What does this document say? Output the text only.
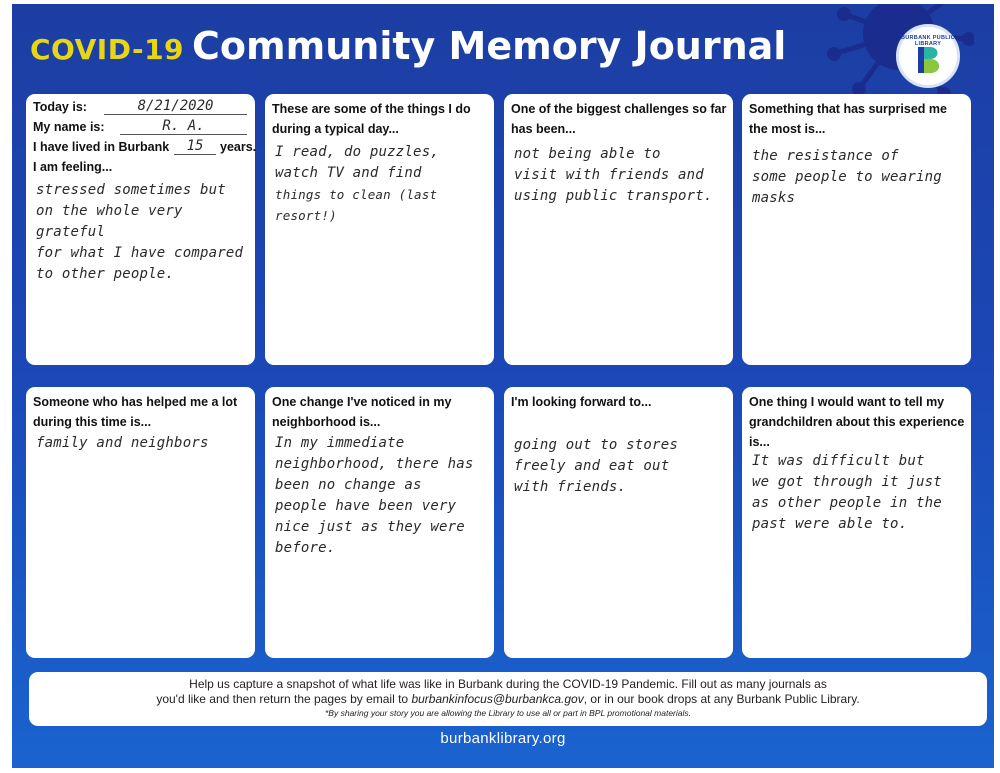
COVID-19 Community Memory Journal	BURBANK PUBLIC LIBRARY
Today is:	8/21/2020
My name is:	R. A.
I have lived in Burbank	15	years.
I am feeling...
stressed sometimes but
on the whole very grateful
for what I have compared
to other people.
These are some of the things I do during a typical day...
I read, do puzzles,
watch TV and find
things to clean (last resort!)
One of the biggest challenges so far has been...
not being able to
visit with friends and
using public transport.
Something that has surprised me the most is...
the resistance of
some people to wearing
masks
Someone who has helped me a lot during this time is...
family and neighbors
One change I've noticed in my neighborhood is...
In my immediate
neighborhood, there has
been no change as
people have been very
nice just as they were
before.
I'm looking forward to...
going out to stores
freely and eat out
with friends.
One thing I would want to tell my grandchildren about this experience is...
It was difficult but
we got through it just
as other people in the
past were able to.
Help us capture a snapshot of what life was like in Burbank during the COVID-19 Pandemic. Fill out as many journals as
you'd like and then return the pages by email to burbankinfocus@burbankca.gov, or in our book drops at any Burbank Public Library.
*By sharing your story you are allowing the Library to use all or part in BPL promotional materials.
burbanklibrary.org
